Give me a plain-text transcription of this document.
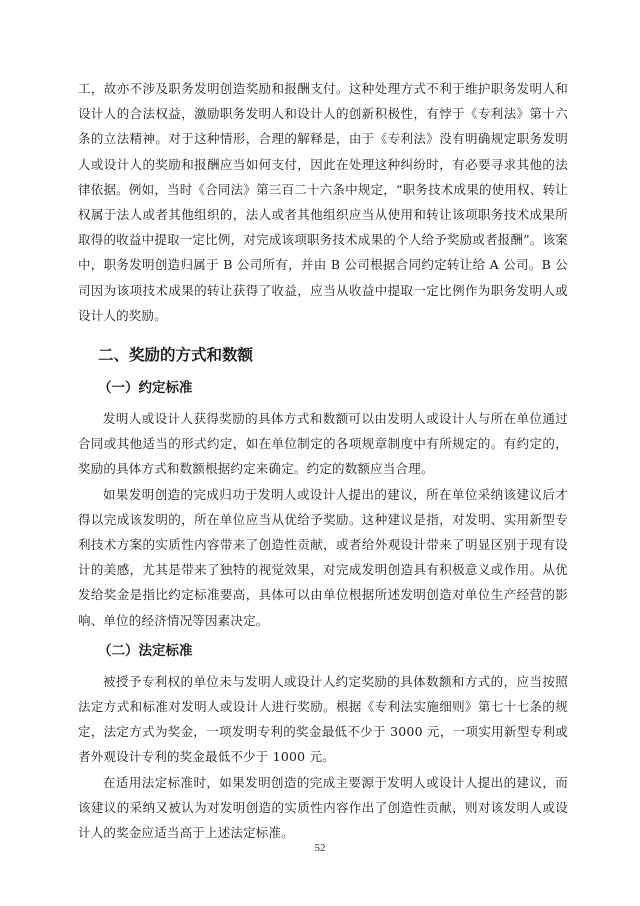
工，故亦不涉及职务发明创造奖励和报酬支付。这种处理方式不利于维护职务发明人和设计人的合法权益，激励职务发明人和设计人的创新积极性，有悖于《专利法》第十六条的立法精神。对于这种情形，合理的解释是，由于《专利法》没有明确规定职务发明人或设计人的奖励和报酬应当如何支付，因此在处理这种纠纷时，有必要寻求其他的法律依据。例如，当时《合同法》第三百二十六条中规定，“职务技术成果的使用权、转让权属于法人或者其他组织的，法人或者其他组织应当从使用和转让该项职务技术成果所取得的收益中提取一定比例，对完成该项职务技术成果的个人给予奖励或者报酬”。该案中，职务发明创造归属于 B 公司所有，并由 B 公司根据合同约定转让给 A 公司。B 公司因为该项技术成果的转让获得了收益，应当从收益中提取一定比例作为职务发明人或设计人的奖励。

二、奖励的方式和数额
（一）约定标准

发明人或设计人获得奖励的具体方式和数额可以由发明人或设计人与所在单位通过合同或其他适当的形式约定，如在单位制定的各项规章制度中有所规定的。有约定的，奖励的具体方式和数额根据约定来确定。约定的数额应当合理。

如果发明创造的完成归功于发明人或设计人提出的建议，所在单位采纳该建议后才得以完成该发明的，所在单位应当从优给予奖励。这种建议是指，对发明、实用新型专利技术方案的实质性内容带来了创造性贡献，或者给外观设计带来了明显区别于现有设计的美感，尤其是带来了独特的视觉效果，对完成发明创造具有积极意义或作用。从优发给奖金是指比约定标准要高，具体可以由单位根据所述发明创造对单位生产经营的影响、单位的经济情况等因素决定。

（二）法定标准

被授予专利权的单位未与发明人或设计人约定奖励的具体数额和方式的，应当按照法定方式和标准对发明人或设计人进行奖励。根据《专利法实施细则》第七十七条的规定，法定方式为奖金，一项发明专利的奖金最低不少于 3000 元，一项实用新型专利或者外观设计专利的奖金最低不少于 1000 元。

在适用法定标准时，如果发明创造的完成主要源于发明人或设计人提出的建议，而该建议的采纳又被认为对发明创造的实质性内容作出了创造性贡献，则对该发明人或设计人的奖金应适当高于上述法定标准。

52
